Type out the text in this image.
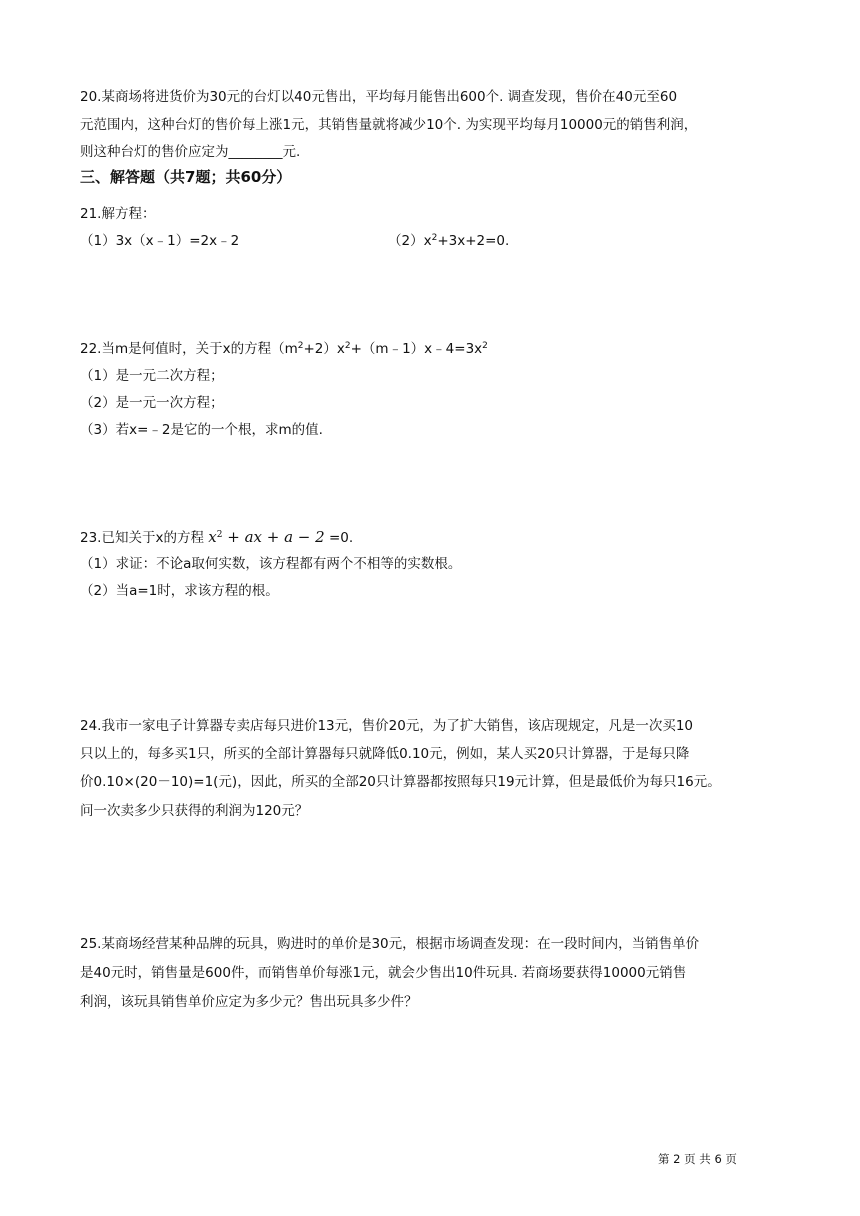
20.某商场将进货价为30元的台灯以40元售出，平均每月能售出600个. 调查发现，售价在40元至60
元范围内，这种台灯的售价每上涨1元，其销售量就将减少10个. 为实现平均每月10000元的销售利润，
则这种台灯的售价应定为________元.
三、解答题（共7题；共60分）
21.解方程：
（1）3x（x﹣1）=2x﹣2	$(2)x^2+3x+2=0$.
22.当m是何值时，关于x的方程$(m^2+2)x^2+(m﹣1)x﹣4=3x^2$
（1）是一元二次方程；
（2）是一元一次方程；
（3）若x=﹣2是它的一个根，求m的值.
23.已知关于x的方程 $x^2$ + ax + a − 2 =0.
（1）求证：不论a取何实数，该方程都有两个不相等的实数根。
（2）当a=1时，求该方程的根。
24.我市一家电子计算器专卖店每只进价13元，售价20元，为了扩大销售，该店现规定，凡是一次买10
只以上的，每多买1只，所买的全部计算器每只就降低0.10元，例如，某人买20只计算器，于是每只降
价0.10×(20－10)=1(元)，因此，所买的全部20只计算器都按照每只19元计算，但是最低价为每只16元。
问一次卖多少只获得的利润为120元？
25.某商场经营某种品牌的玩具，购进时的单价是30元，根据市场调查发现：在一段时间内，当销售单价
是40元时，销售量是600件，而销售单价每涨1元，就会少售出10件玩具. 若商场要获得10000元销售
利润，该玩具销售单价应定为多少元？售出玩具多少件？
第 2 页 共 6 页
